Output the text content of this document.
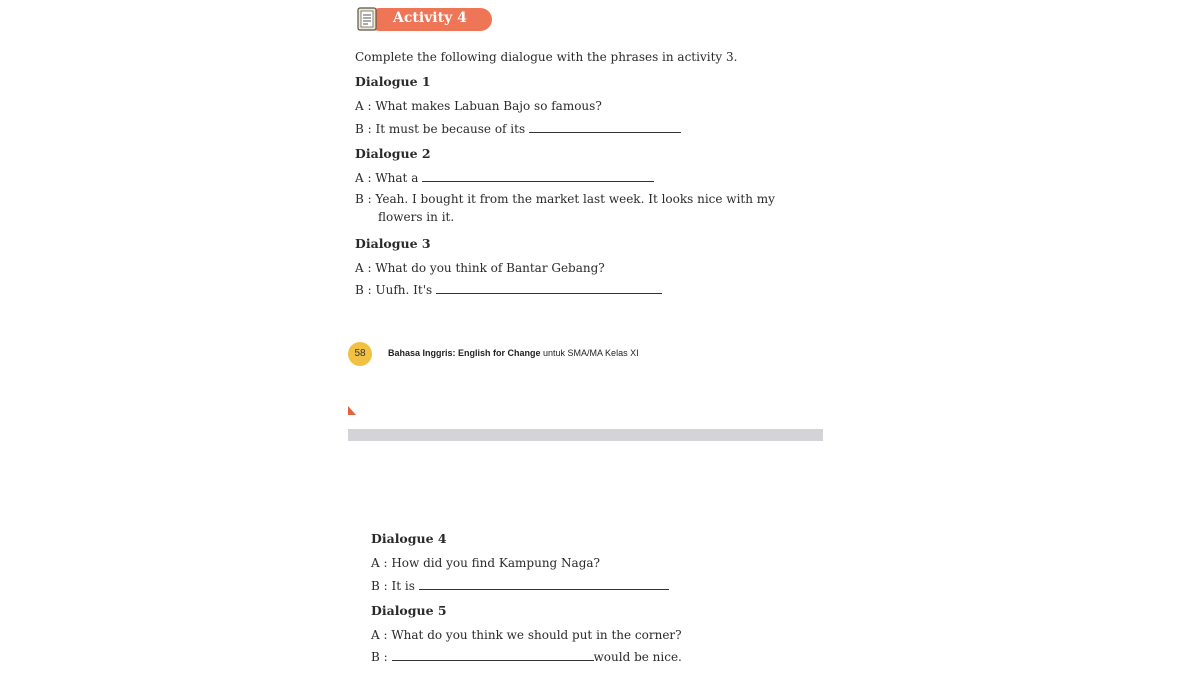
Activity 4
Complete the following dialogue with the phrases in activity 3.
Dialogue 1
A : What makes Labuan Bajo so famous?
B : It must be because of its
Dialogue 2
A : What a
B : Yeah. I bought it from the market last week. It looks nice with my
flowers in it.
Dialogue 3
A : What do you think of Bantar Gebang?
B : Uufh. It's
58	Bahasa Inggris: English for Change untuk SMA/MA Kelas XI
Dialogue 4
A : How did you find Kampung Naga?
B : It is
Dialogue 5
A : What do you think we should put in the corner?
B :	would be nice.
